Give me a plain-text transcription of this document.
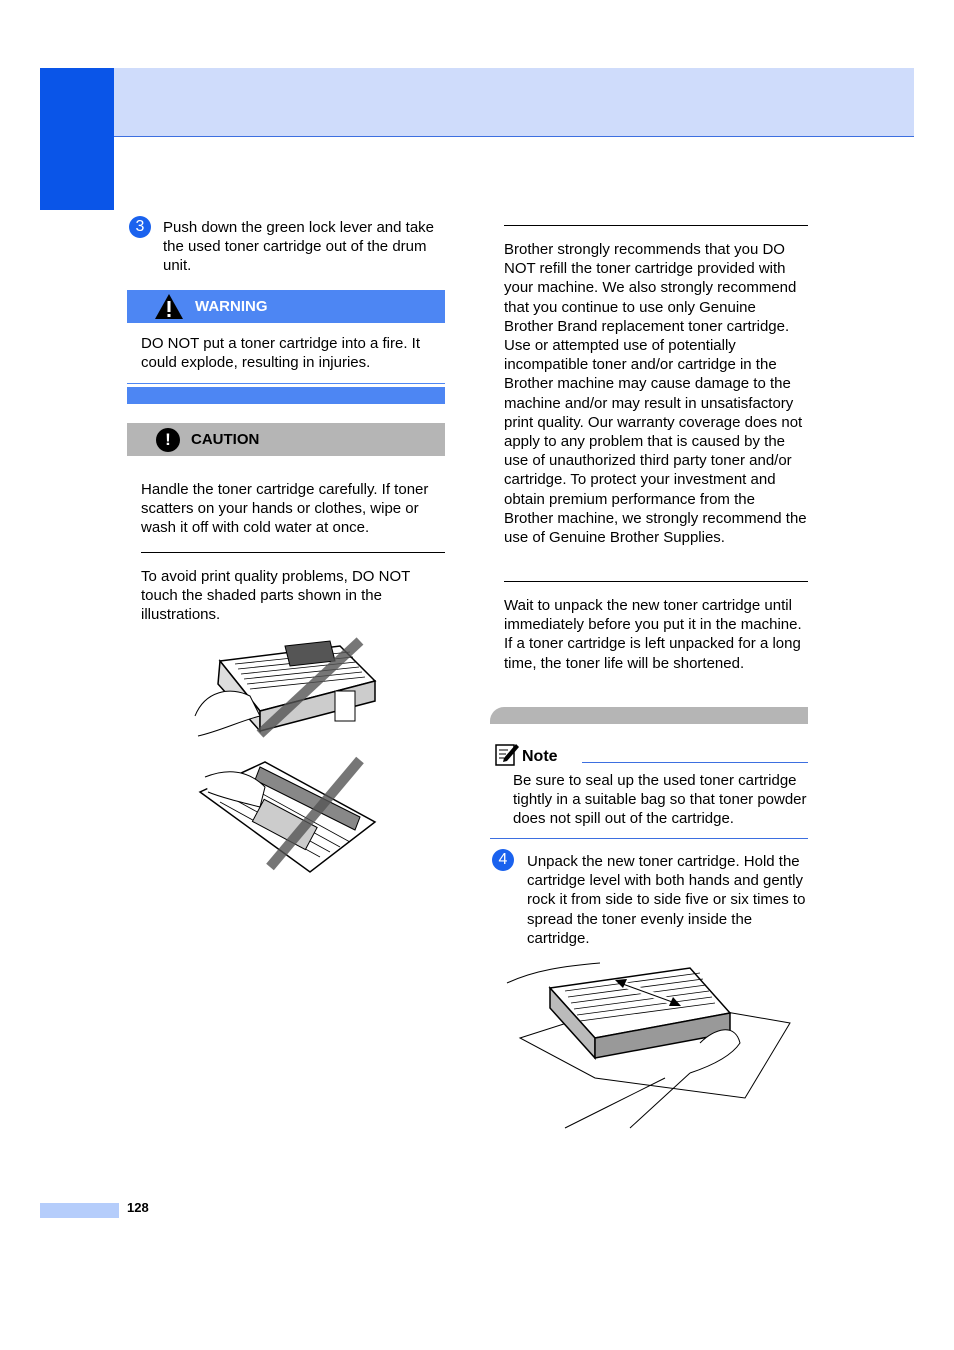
3	Push down the green lock lever and take the used toner cartridge out of the drum unit.
WARNING
DO NOT put a toner cartridge into a fire. It could explode, resulting in injuries.
!	CAUTION
Handle the toner cartridge carefully. If toner scatters on your hands or clothes, wipe or wash it off with cold water at once.
To avoid print quality problems, DO NOT touch the shaded parts shown in the illustrations.
Brother strongly recommends that you DO NOT refill the toner cartridge provided with your machine. We also strongly recommend that you continue to use only Genuine Brother Brand replacement toner cartridge. Use or attempted use of potentially incompatible toner and/or cartridge in the Brother machine may cause damage to the machine and/or may result in unsatisfactory print quality. Our warranty coverage does not apply to any problem that is caused by the use of unauthorized third party toner and/or cartridge. To protect your investment and obtain premium performance from the Brother machine, we strongly recommend the use of Genuine Brother Supplies.
Wait to unpack the new toner cartridge until immediately before you put it in the machine. If a toner cartridge is left unpacked for a long time, the toner life will be shortened.
Note
Be sure to seal up the used toner cartridge tightly in a suitable bag so that toner powder does not spill out of the cartridge.
4	Unpack the new toner cartridge. Hold the cartridge level with both hands and gently rock it from side to side five or six times to spread the toner evenly inside the cartridge.
128
